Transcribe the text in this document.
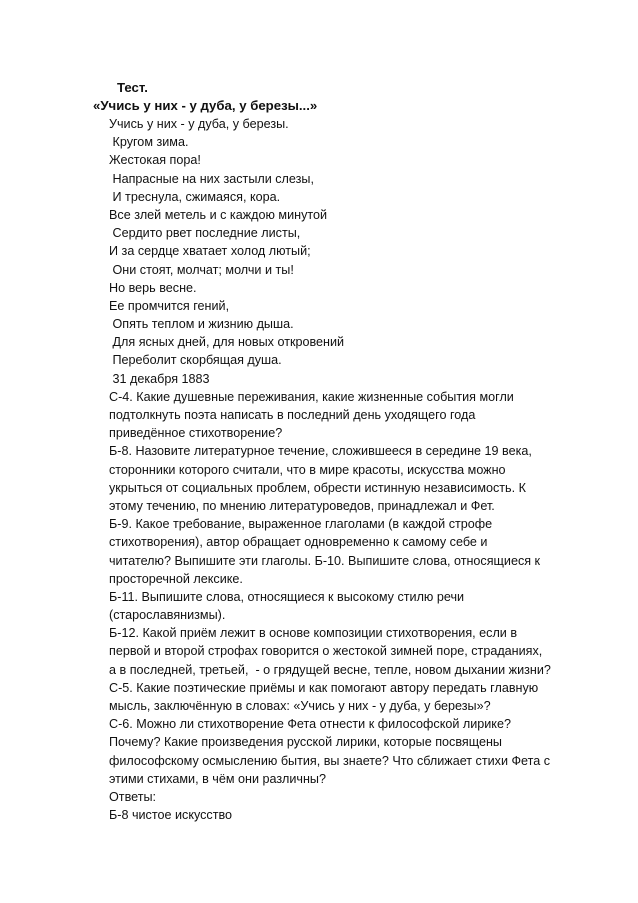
Тест.
«Учись у них - у дуба, у березы...»
Учись у них - у дуба, у березы.
Кругом зима.
Жестокая пора!
Напрасные на них застыли слезы,
И треснула, сжимаяся, кора.
Все злей метель и с каждою минутой
Сердито рвет последние листы,
И за сердце хватает холод лютый;
Они стоят, молчат; молчи и ты!
Но верь весне.
Ее промчится гений,
Опять теплом и жизнию дыша.
Для ясных дней, для новых откровений
Переболит скорбящая душа.
31 декабря 1883
С-4. Какие душевные переживания, какие жизненные события могли
подтолкнуть поэта написать в последний день уходящего года
приведённое стихотворение?
Б-8. Назовите литературное течение, сложившееся в середине 19 века,
сторонники которого считали, что в мире красоты, искусства можно
укрыться от социальных проблем, обрести истинную независимость. К
этому течению, по мнению литературоведов, принадлежал и Фет.
Б-9. Какое требование, выраженное глаголами (в каждой строфе
стихотворения), автор обращает одновременно к самому себе и
читателю? Выпишите эти глаголы. Б-10. Выпишите слова, относящиеся к
просторечной лексике.
Б-11. Выпишите слова, относящиеся к высокому стилю речи
(старославянизмы).
Б-12. Какой приём лежит в основе композиции стихотворения, если в
первой и второй строфах говорится о жестокой зимней поре, страданиях,
а в последней, третьей,  - о грядущей весне, тепле, новом дыхании жизни?
С-5. Какие поэтические приёмы и как помогают автору передать главную
мысль, заключённую в словах: «Учись у них - у дуба, у березы»?
С-6. Можно ли стихотворение Фета отнести к философской лирике?
Почему? Какие произведения русской лирики, которые посвящены
философскому осмыслению бытия, вы знаете? Что сближает стихи Фета с
этими стихами, в чём они различны?
Ответы:
Б-8 чистое искусство
